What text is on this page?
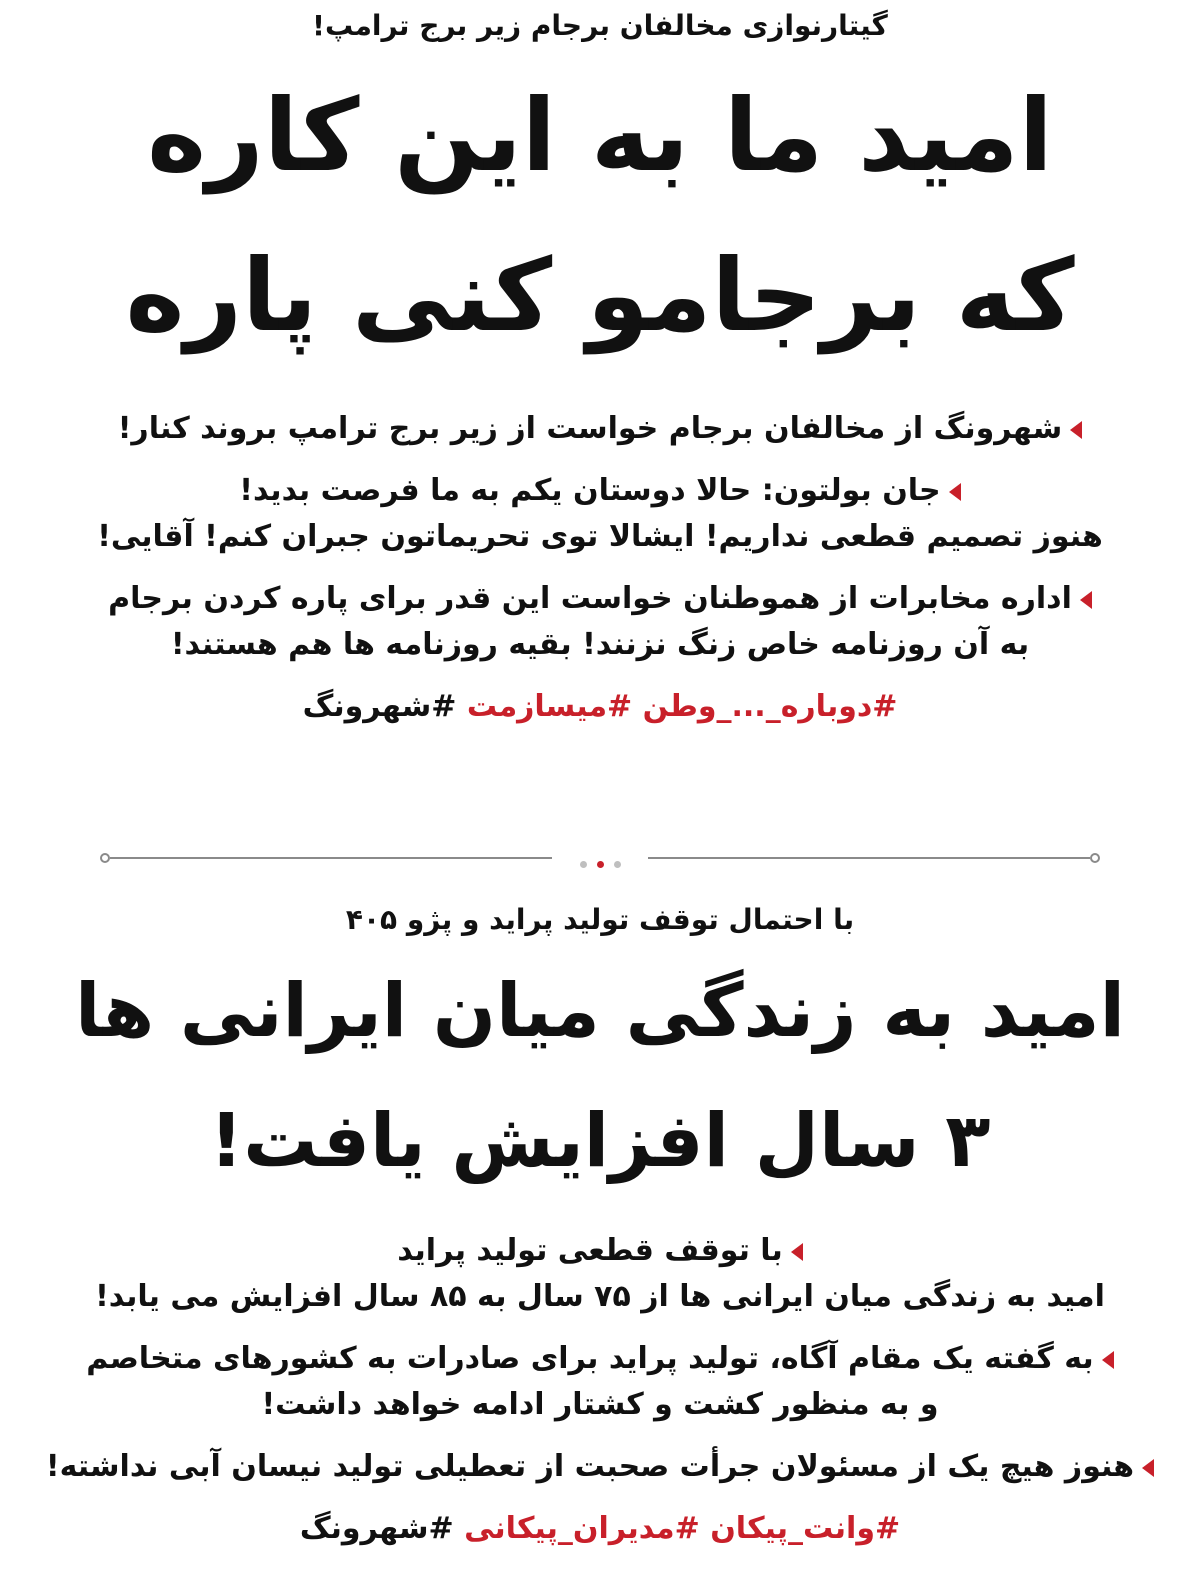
گیتارنوازی مخالفان برجام زیر برج ترامپ!

امید ما به این کاره
که برجامو کنی پاره

شهرونگ از مخالفان برجام خواست از زیر برج ترامپ بروند کنار!

جان بولتون: حالا دوستان یکم به ما فرصت بدید!
هنوز تصمیم قطعی نداریم! ایشالا توی تحریماتون جبران کنم! آقایی!

اداره مخابرات از هموطنان خواست این قدر برای پاره کردن برجام
به آن روزنامه خاص زنگ نزنند! بقیه روزنامه ها هم هستند!

#دوباره_..._وطن #میسازمت #شهرونگ

با احتمال توقف تولید پراید و پژو ۴۰۵

امید به زندگی میان ایرانی ها
۳ سال افزایش یافت!

با توقف قطعی تولید پراید
امید به زندگی میان ایرانی ها از ۷۵ سال به ۸۵ سال افزایش می یابد!

به گفته یک مقام آگاه، تولید پراید برای صادرات به کشورهای متخاصم
و به منظور کشت و کشتار ادامه خواهد داشت!

هنوز هیچ یک از مسئولان جرأت صحبت از تعطیلی تولید نیسان آبی نداشته!

#وانت_پیکان #مدیران_پیکانی #شهرونگ
